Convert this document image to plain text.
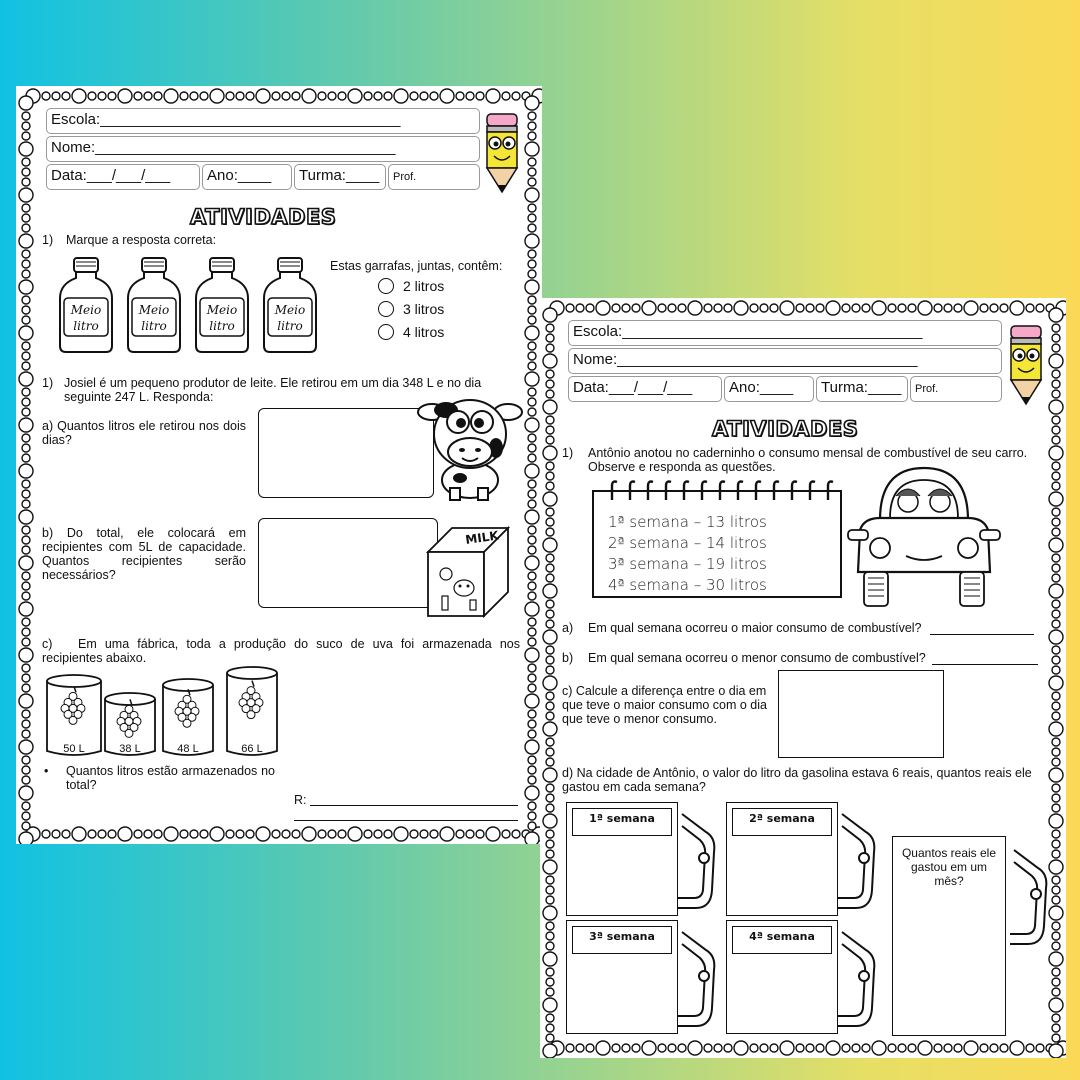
Escola:____________________________________
Nome:____________________________________
Data:___/___/___	Ano:____	Turma:____	Prof.
ATIVIDADES
1) Marque a resposta correta:
Meio
litro
Meio
litro
Meio
litro
Meio
litro
Estas garrafas, juntas, contêm:
2 litros
3 litros
4 litros
1) Josiel é um pequeno produtor de leite. Ele retirou em um dia 348 L e no dia seguinte 247 L. Responda:
a) Quantos litros ele retirou nos dois dias?
b) Do total, ele colocará em recipientes com 5L de capacidade. Quantos recipientes serão necessários?
MILK
c)	Em uma fábrica, toda a produção do suco de uva foi armazenada nos recipientes abaixo.
50 L	38 L	48 L	66 L
• Quantos litros estão armazenados no total?
R:
Escola:____________________________________
Nome:____________________________________
Data:___/___/___	Ano:____	Turma:____	Prof.
ATIVIDADES
1) Antônio anotou no caderninho o consumo mensal de combustível de seu carro. Observe e responda as questões.
1ª semana – 13 litros
2ª semana – 14 litros
3ª semana – 19 litros
4ª semana – 30 litros
a) Em qual semana ocorreu o maior consumo de combustível?
b) Em qual semana ocorreu o menor consumo de combustível?
c) Calcule a diferença entre o dia em que teve o maior consumo com o dia que teve o menor consumo.
d) Na cidade de Antônio, o valor do litro da gasolina estava 6 reais, quantos reais ele gastou em cada semana?
1ª semana	2ª semana
3ª semana	4ª semana
Quantos reais ele gastou em um mês?
